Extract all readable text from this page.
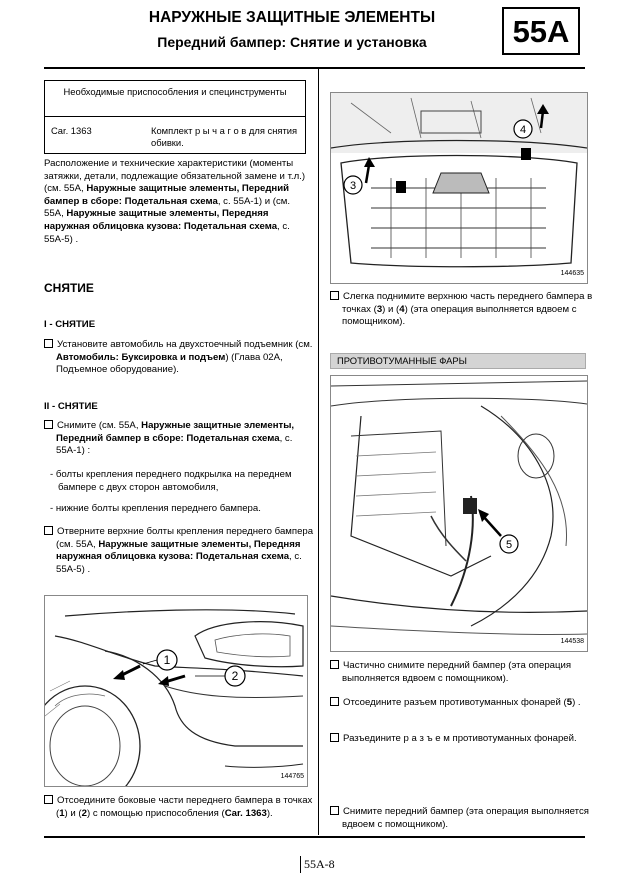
НАРУЖНЫЕ ЗАЩИТНЫЕ ЭЛЕМЕНТЫ
Передний бампер: Снятие и установка	55A
Необходимые приспособления и специнструменты
Car. 1363	Комплект р ы ч а г о в для снятия обивки.

Расположение и технические характеристики (моменты затяжки, детали, подлежащие обязательной замене и т.л.) (см. 55А, Наружные защитные элементы, Передний бампер в сборе: Подетальная схема, с. 55А-1) и (см. 55А, Наружные защитные элементы, Передняя наружная облицовка кузова: Подетальная схема, с. 55А-5) .

СНЯТИЕ

I - СНЯТИЕ

Установите автомобиль на двухстоечный подъемник (см. Автомобиль: Буксировка и подъем) (Глава 02А, Подъемное оборудование).

II - СНЯТИЕ

Снимите (см. 55А, Наружные защитные элементы, Передний бампер в сборе: Подетальная схема, с. 55А-1) :

- болты крепления переднего подкрылка на переднем бампере с двух сторон автомобиля,

- нижние болты крепления переднего бампера.

Отверните верхние болты крепления переднего бампера (см. 55А, Наружные защитные элементы, Передняя наружная облицовка кузова: Подетальная схема, с. 55А-5) .

1
2
144765

Отсоедините боковые части переднего бампера в точках (1) и (2) с помощью приспособления (Car. 1363).

3
4
144635

Слегка поднимите верхнюю часть переднего бампера в точках (3) и (4) (эта операция выполняется вдвоем с помощником).

ПРОТИВОТУМАННЫЕ ФАРЫ
5
144538

Частично снимите передний бампер (эта операция выполняется вдвоем с помощником).

Отсоедините разъем противотуманных фонарей (5) .

Разъедините р а з ъ е м противотуманных фонарей.

Снимите передний бампер (эта операция выполняется вдвоем с помощником).

55A-8
